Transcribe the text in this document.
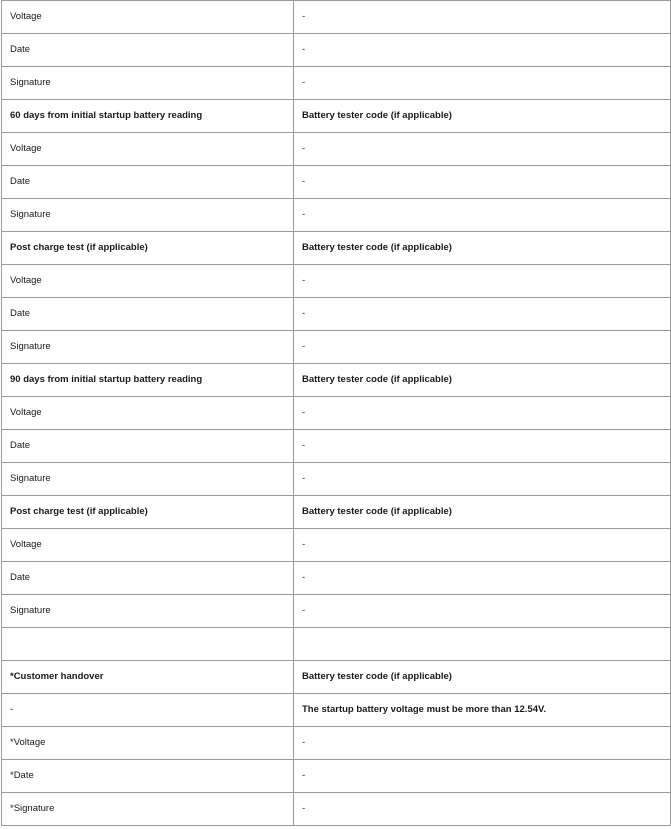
Voltage	-
Date	-
Signature	-
60 days from initial startup battery reading	Battery tester code (if applicable)
Voltage	-
Date	-
Signature	-
Post charge test (if applicable)	Battery tester code (if applicable)
Voltage	-
Date	-
Signature	-
90 days from initial startup battery reading	Battery tester code (if applicable)
Voltage	-
Date	-
Signature	-
Post charge test (if applicable)	Battery tester code (if applicable)
Voltage	-
Date	-
Signature	-

*Customer handover	Battery tester code (if applicable)
-	The startup battery voltage must be more than 12.54V.
*Voltage	-
*Date	-
*Signature	-
